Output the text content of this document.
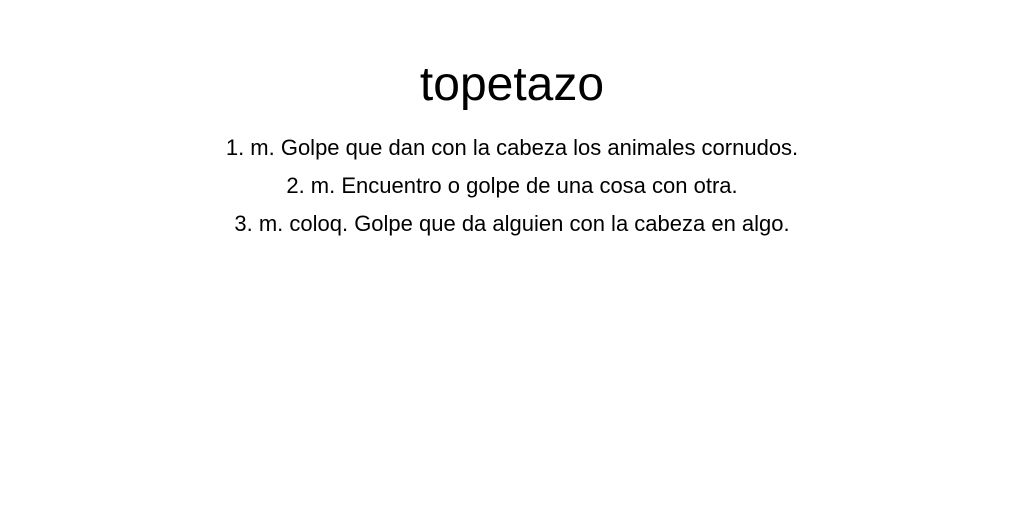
topetazo
1. m. Golpe que dan con la cabeza los animales cornudos.
2. m. Encuentro o golpe de una cosa con otra.
3. m. coloq. Golpe que da alguien con la cabeza en algo.
